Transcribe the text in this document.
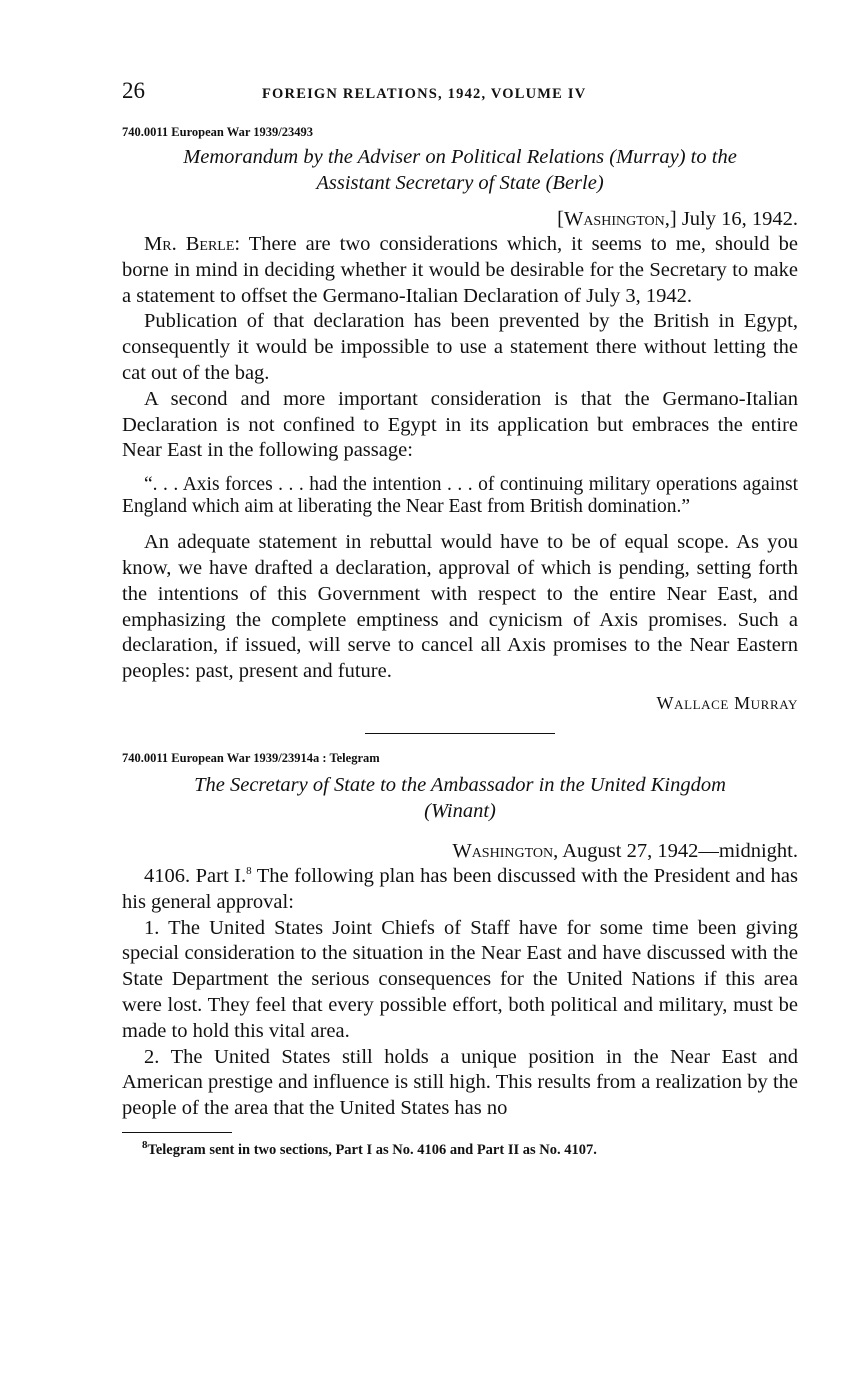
26	FOREIGN RELATIONS, 1942, VOLUME IV
740.0011 European War 1939/23493
Memorandum by the Adviser on Political Relations (Murray) to the
Assistant Secretary of State (Berle)
[Washington,] July 16, 1942.

Mr. Berle: There are two considerations which, it seems to me, should be borne in mind in deciding whether it would be desirable for the Secretary to make a statement to offset the Germano-Italian Declaration of July 3, 1942.

Publication of that declaration has been prevented by the British in Egypt, consequently it would be impossible to use a statement there without letting the cat out of the bag.

A second and more important consideration is that the Germano-Italian Declaration is not confined to Egypt in its application but embraces the entire Near East in the following passage:

“. . . Axis forces . . . had the intention . . . of continuing military operations against England which aim at liberating the Near East from British domination.”

An adequate statement in rebuttal would have to be of equal scope. As you know, we have drafted a declaration, approval of which is pending, setting forth the intentions of this Government with respect to the entire Near East, and emphasizing the complete emptiness and cynicism of Axis promises. Such a declaration, if issued, will serve to cancel all Axis promises to the Near Eastern peoples: past, present and future.

Wallace Murray
740.0011 European War 1939/23914a : Telegram
The Secretary of State to the Ambassador in the United Kingdom
(Winant)
Washington, August 27, 1942—midnight.

4106. Part I.$^8$ The following plan has been discussed with the President and has his general approval:

1. The United States Joint Chiefs of Staff have for some time been giving special consideration to the situation in the Near East and have discussed with the State Department the serious consequences for the United Nations if this area were lost. They feel that every possible effort, both political and military, must be made to hold this vital area.

2. The United States still holds a unique position in the Near East and American prestige and influence is still high. This results from a realization by the people of the area that the United States has no

$^8$Telegram sent in two sections, Part I as No. 4106 and Part II as No. 4107.
